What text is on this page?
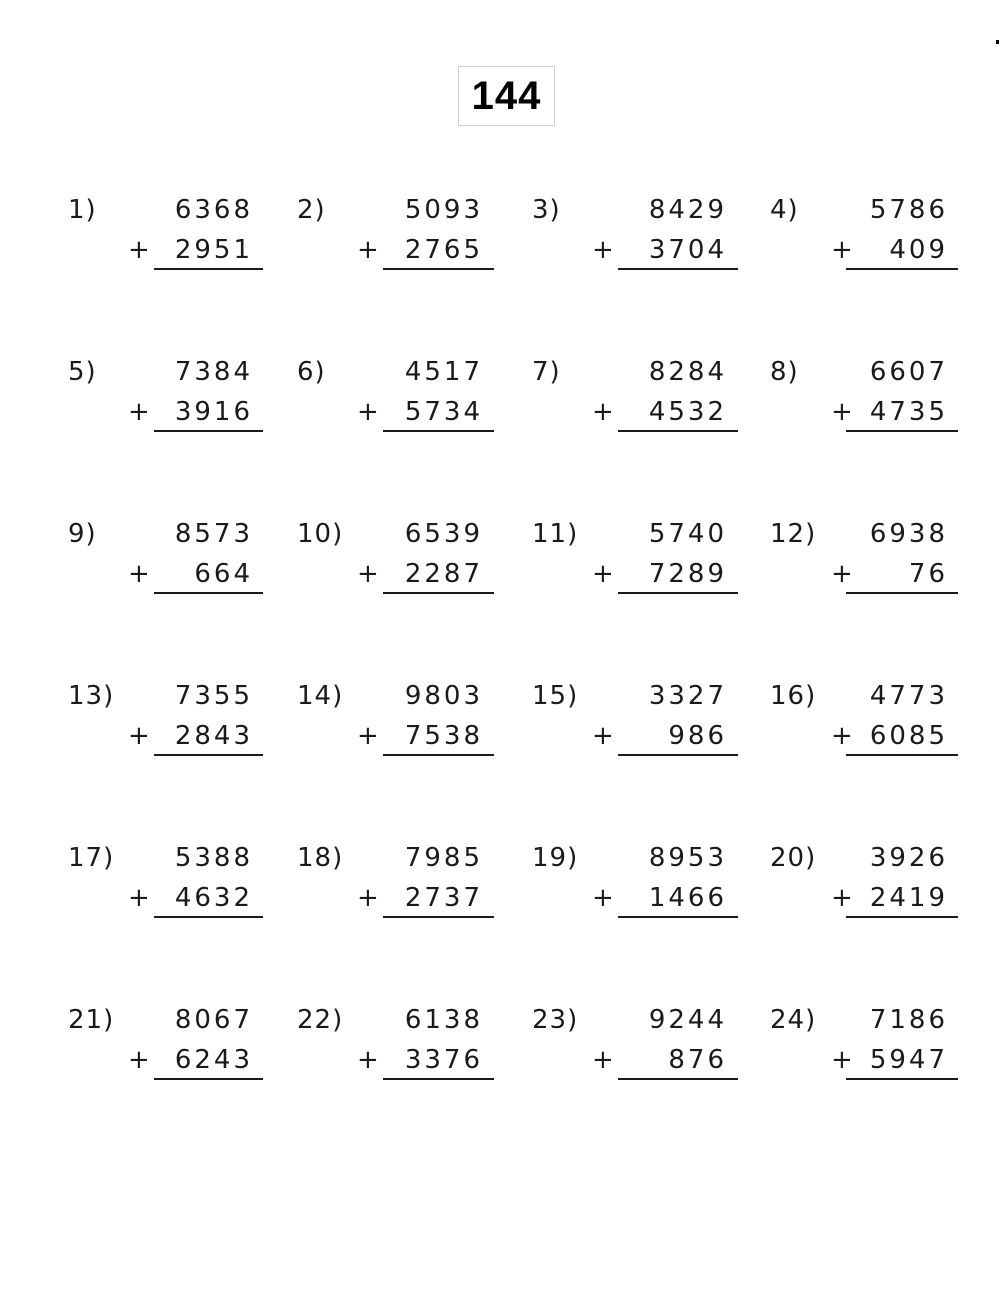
144
1)	6368
+ 2951
2)	5093
+ 2765
3)	8429
+ 3704
4)	5786
+ 409
5)	7384
+ 3916
6)	4517
+ 5734
7)	8284
+ 4532
8)	6607
+ 4735
9)	8573
+ 664
10) 6539
+ 2287
11)	5740
+ 7289
12) 6938
+ 76
13) 7355
+ 2843
14) 9803
+ 7538
15)	3327
+ 986
16) 4773
+ 6085
17) 5388
+ 4632
18) 7985
+ 2737
19)	8953
+ 1466
20) 3926
+ 2419
21) 8067
+ 6243
22) 6138
+ 3376
23)	9244
+ 876
24) 7186
+ 5947
